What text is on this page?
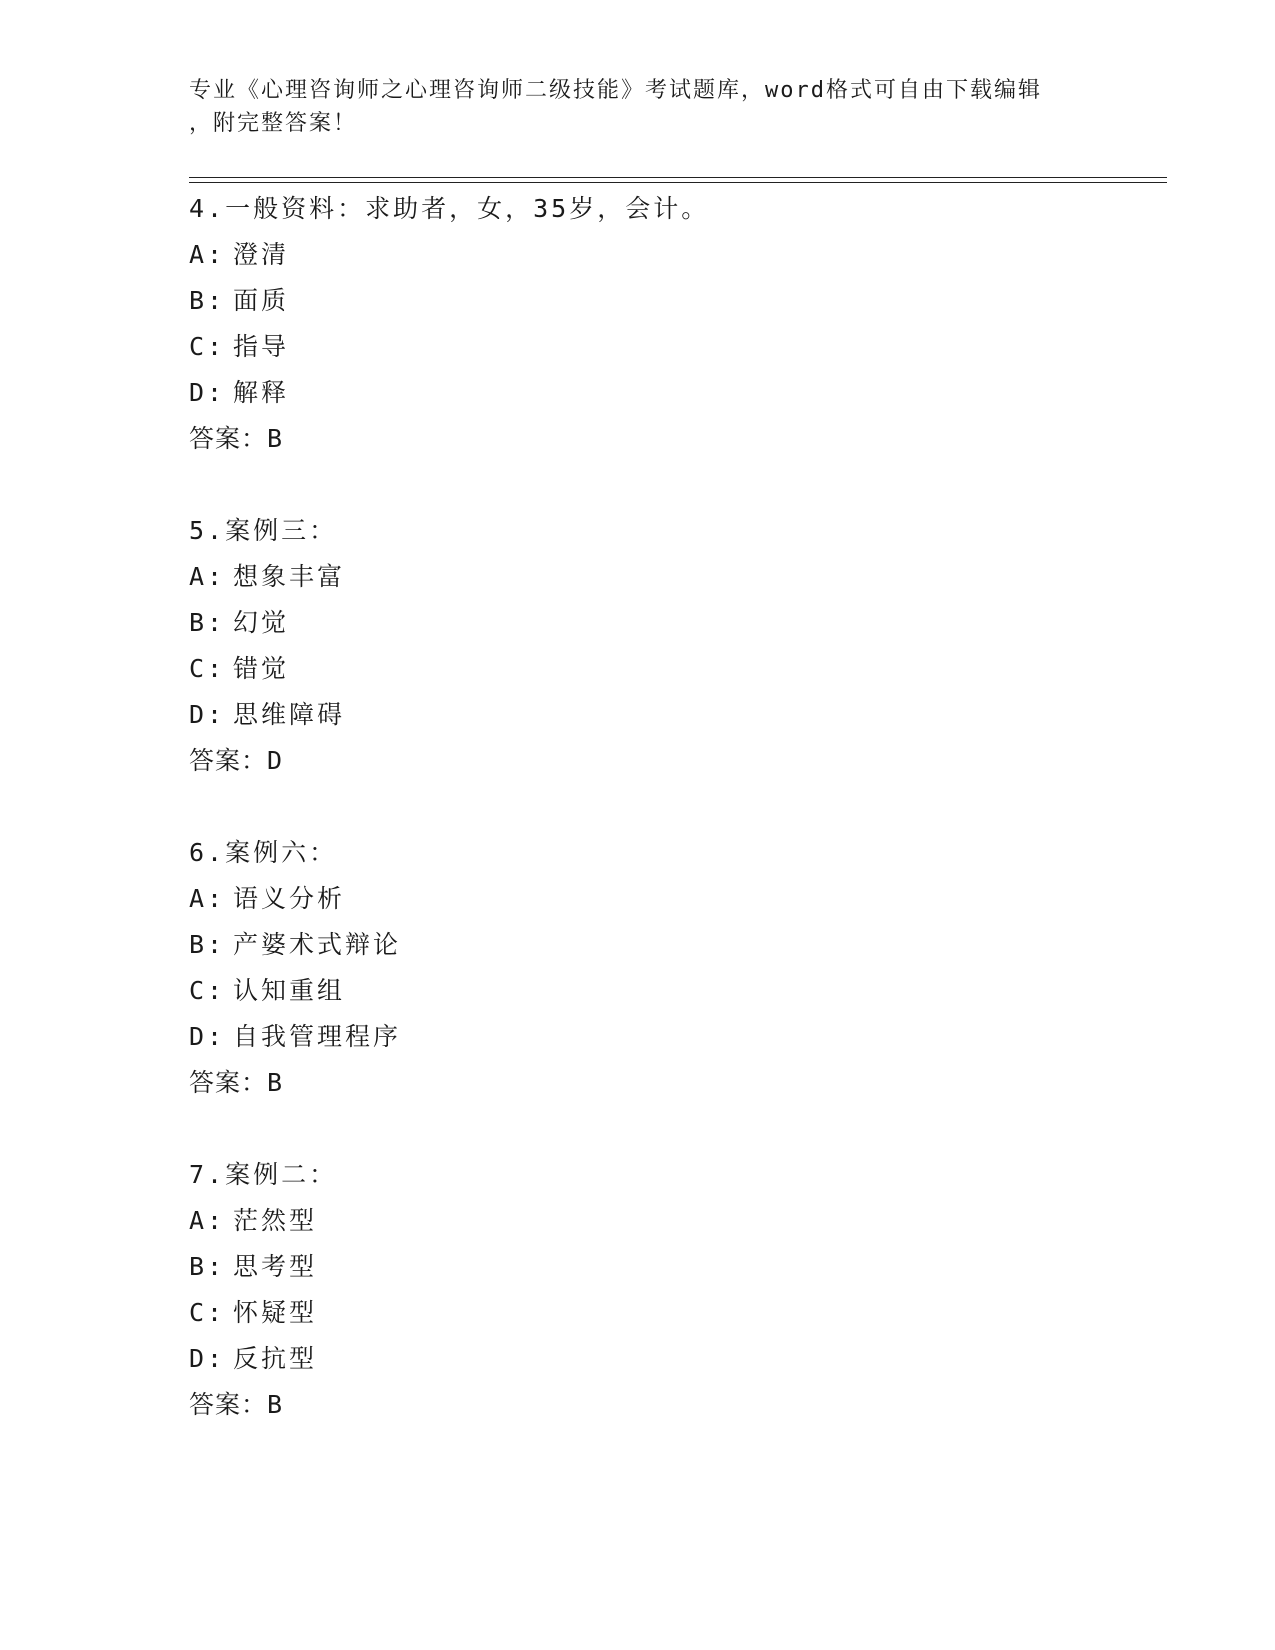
专业《心理咨询师之心理咨询师二级技能》考试题库，word格式可自由下载编辑
，附完整答案！
4.一般资料：求助者，女，35岁，会计。
A: 澄清
B: 面质
C: 指导
D: 解释
答案：B
5.案例三：
A: 想象丰富
B: 幻觉
C: 错觉
D: 思维障碍
答案：D
6.案例六：
A: 语义分析
B: 产婆术式辩论
C: 认知重组
D: 自我管理程序
答案：B
7.案例二：
A: 茫然型
B: 思考型
C: 怀疑型
D: 反抗型
答案：B
